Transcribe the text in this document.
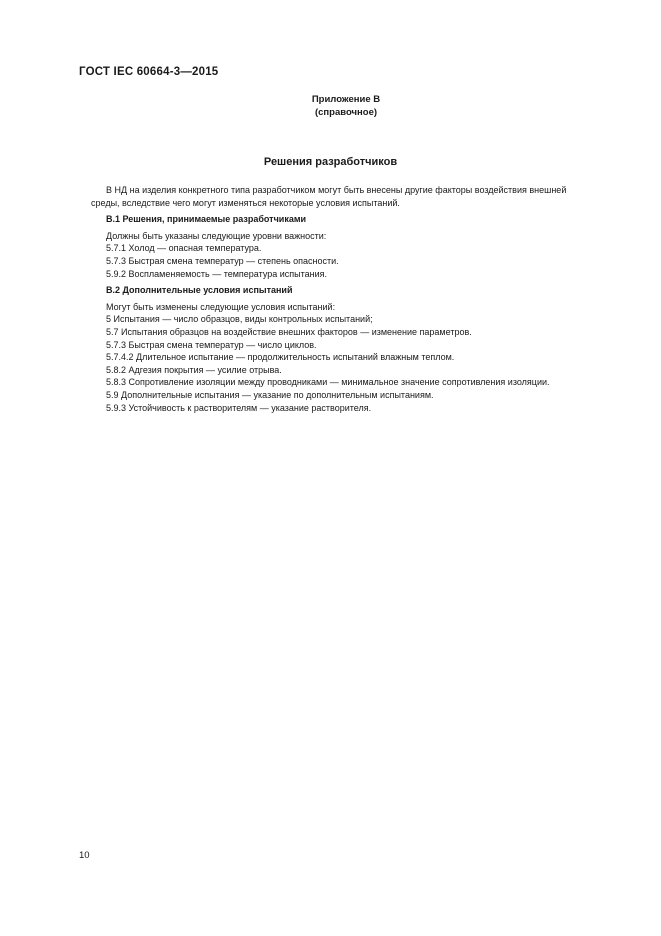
ГОСТ IEC 60664-3—2015
Приложение В
(справочное)
Решения разработчиков

В НД на изделия конкретного типа разработчиком могут быть внесены другие факторы воздействия внешней среды, вследствие чего могут изменяться некоторые условия испытаний.

В.1 Решения, принимаемые разработчиками
Должны быть указаны следующие уровни важности:
5.7.1 Холод — опасная температура.
5.7.3 Быстрая смена температур — степень опасности.
5.9.2 Воспламеняемость — температура испытания.
В.2 Дополнительные условия испытаний
Могут быть изменены следующие условия испытаний:
5 Испытания — число образцов, виды контрольных испытаний;
5.7 Испытания образцов на воздействие внешних факторов — изменение параметров.
5.7.3 Быстрая смена температур — число циклов.
5.7.4.2 Длительное испытание — продолжительность испытаний влажным теплом.
5.8.2 Адгезия покрытия — усилие отрыва.
5.8.3 Сопротивление изоляции между проводниками — минимальное значение сопротивления изоляции.
5.9 Дополнительные испытания — указание по дополнительным испытаниям.
5.9.3 Устойчивость к растворителям — указание растворителя.
10
